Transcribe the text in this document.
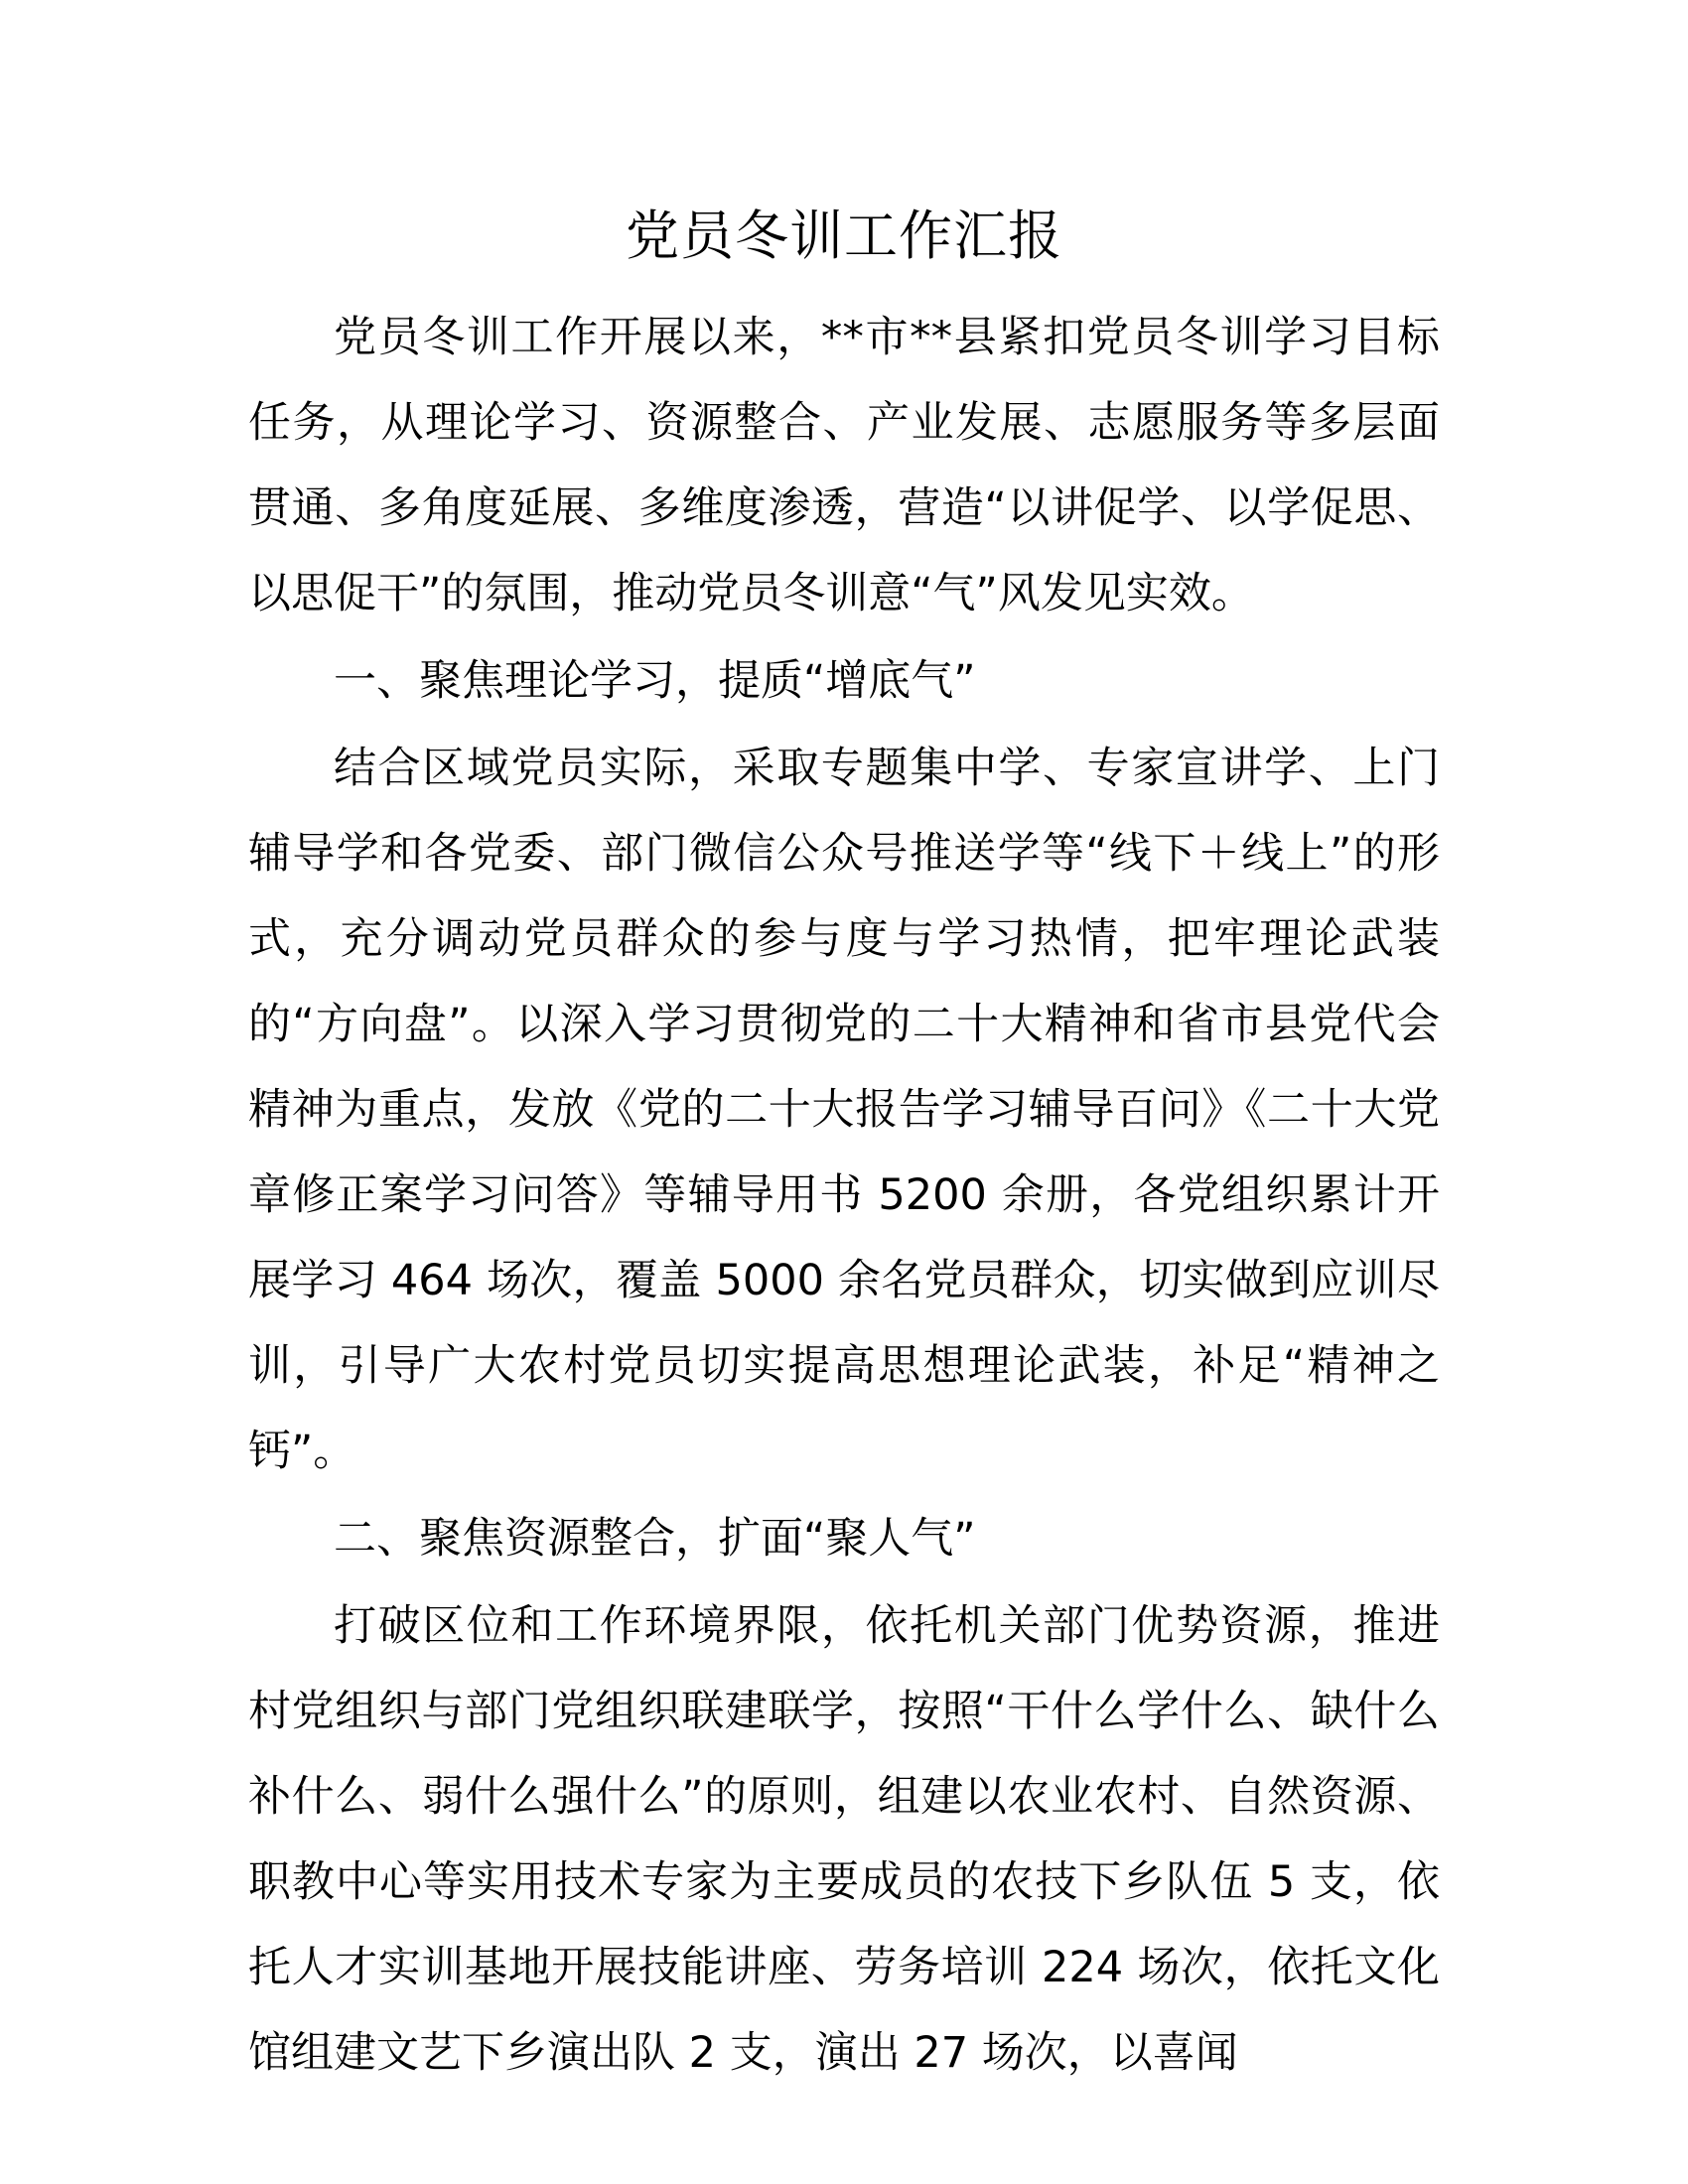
党员冬训工作汇报

党员冬训工作开展以来，**市**县紧扣党员冬训学习目标任务，从理论学习、资源整合、产业发展、志愿服务等多层面贯通、多角度延展、多维度渗透，营造“以讲促学、以学促思、以思促干”的氛围，推动党员冬训意“气”风发见实效。

一、聚焦理论学习，提质“增底气”

结合区域党员实际，采取专题集中学、专家宣讲学、上门辅导学和各党委、部门微信公众号推送学等“线下＋线上”的形式，充分调动党员群众的参与度与学习热情，把牢理论武装的“方向盘”。以深入学习贯彻党的二十大精神和省市县党代会精神为重点，发放《党的二十大报告学习辅导百问》《二十大党章修正案学习问答》等辅导用书 5200 余册，各党组织累计开展学习 464 场次，覆盖 5000 余名党员群众，切实做到应训尽训，引导广大农村党员切实提高思想理论武装，补足“精神之钙”。

二、聚焦资源整合，扩面“聚人气”

打破区位和工作环境界限，依托机关部门优势资源，推进村党组织与部门党组织联建联学，按照“干什么学什么、缺什么补什么、弱什么强什么”的原则，组建以农业农村、自然资源、职教中心等实用技术专家为主要成员的农技下乡队伍 5 支，依托人才实训基地开展技能讲座、劳务培训 224 场次，依托文化馆组建文艺下乡演出队 2 支，演出 27 场次，以喜闻
